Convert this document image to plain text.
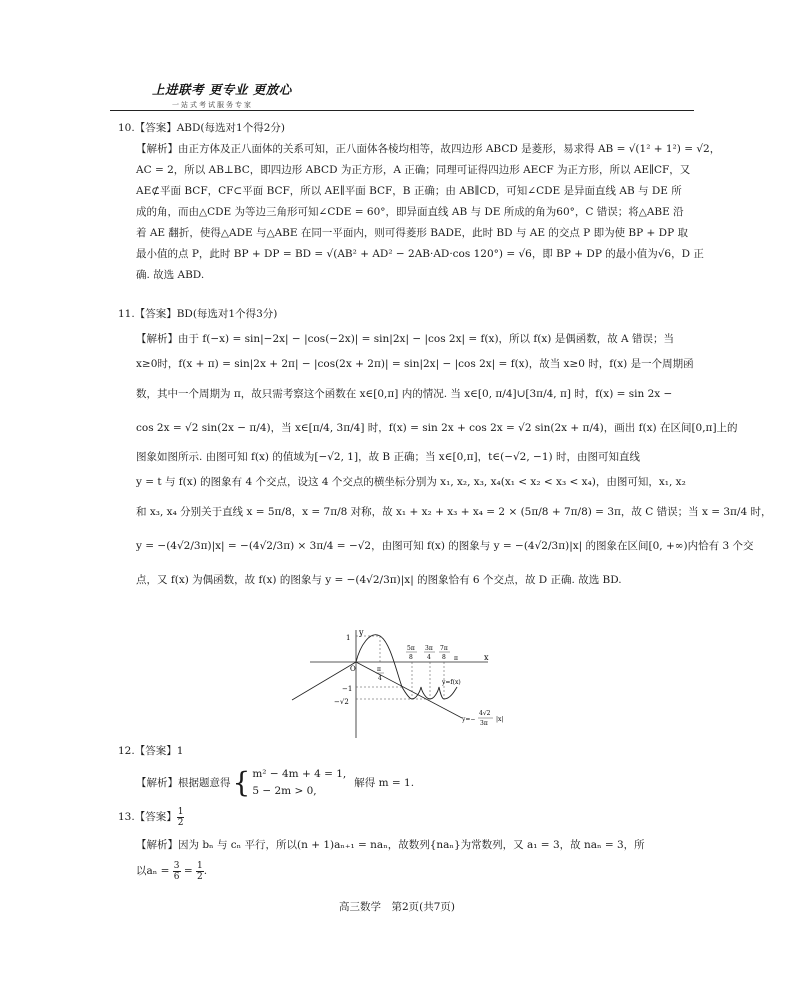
上进联考 更专业 更放心
一站式考试服务专家
10.【答案】ABD(每选对1个得2分)
【解析】由正方体及正八面体的关系可知，正八面体各棱均相等，故四边形 ABCD 是菱形，易求得 AB = √(1² + 1²) = √2，
AC = 2，所以 AB⊥BC，即四边形 ABCD 为正方形，A 正确；同理可证得四边形 AECF 为正方形，所以 AE∥CF，又
AE⊄平面 BCF，CF⊂平面 BCF，所以 AE∥平面 BCF，B 正确；由 AB∥CD，可知∠CDE 是异面直线 AB 与 DE 所
成的角，而由△CDE 为等边三角形可知∠CDE = 60°，即异面直线 AB 与 DE 所成的角为60°，C 错误；将△ABE 沿
着 AE 翻折，使得△ADE 与△ABE 在同一平面内，则可得菱形 BADE，此时 BD 与 AE 的交点 P 即为使 BP + DP 取
最小值的点 P，此时 BP + DP = BD = √(AB² + AD² − 2AB·AD·cos 120°) = √6，即 BP + DP 的最小值为√6，D 正
确. 故选 ABD.
11.【答案】BD(每选对1个得3分)
【解析】由于 f(−x) = sin|−2x| − |cos(−2x)| = sin|2x| − |cos 2x| = f(x)，所以 f(x) 是偶函数，故 A 错误；当
x≥0时，f(x + π) = sin|2x + 2π| − |cos(2x + 2π)| = sin|2x| − |cos 2x| = f(x)，故当 x≥0 时，f(x) 是一个周期函
数，其中一个周期为 π，故只需考察这个函数在 x∈[0,π] 内的情况. 当 x∈[0, π/4]∪[3π/4, π] 时，f(x) = sin 2x −
cos 2x = √2 sin(2x − π/4)，当 x∈[π/4, 3π/4] 时，f(x) = sin 2x + cos 2x = √2 sin(2x + π/4)，画出 f(x) 在区间[0,π]上的
图象如图所示. 由图可知 f(x) 的值域为[−√2, 1]，故 B 正确；当 x∈[0,π]，t∈(−√2, −1) 时，由图可知直线
y = t 与 f(x) 的图象有 4 个交点，设这 4 个交点的横坐标分别为 x₁, x₂, x₃, x₄(x₁ < x₂ < x₃ < x₄)，由图可知，x₁, x₂
和 x₃, x₄ 分别关于直线 x = 5π/8，x = 7π/8 对称，故 x₁ + x₂ + x₃ + x₄ = 2 × (5π/8 + 7π/8) = 3π，故 C 错误；当 x = 3π/4 时，
y = −(4√2/3π)|x| = −(4√2/3π) × 3π/4 = −√2，由图可知 f(x) 的图象与 y = −(4√2/3π)|x| 的图象在区间[0, +∞)内恰有 3 个交
点，又 f(x) 为偶函数，故 f(x) 的图象与 y = −(4√2/3π)|x| 的图象恰有 6 个交点，故 D 正确. 故选 BD.
y
x
O
1
−1
−√2
π
4
5π
8
3π
4
7π
8 π
y=f(x)
y=−
4√2
3π
|x|
12.【答案】1
【解析】根据题意得 { m² − 4m + 4 = 1,
5 − 2m > 0,
解得 m = 1.
13.【答案】 $\frac{1}{2}$
【解析】因为 bₙ 与 cₙ 平行，所以(n + 1)aₙ₊₁ = naₙ，故数列{naₙ}为常数列，又 a₁ = 3，故 naₙ = 3，所
以$a_n = \frac{3}{6} = \frac{1}{2}$ .
高三数学　第2页(共7页)
